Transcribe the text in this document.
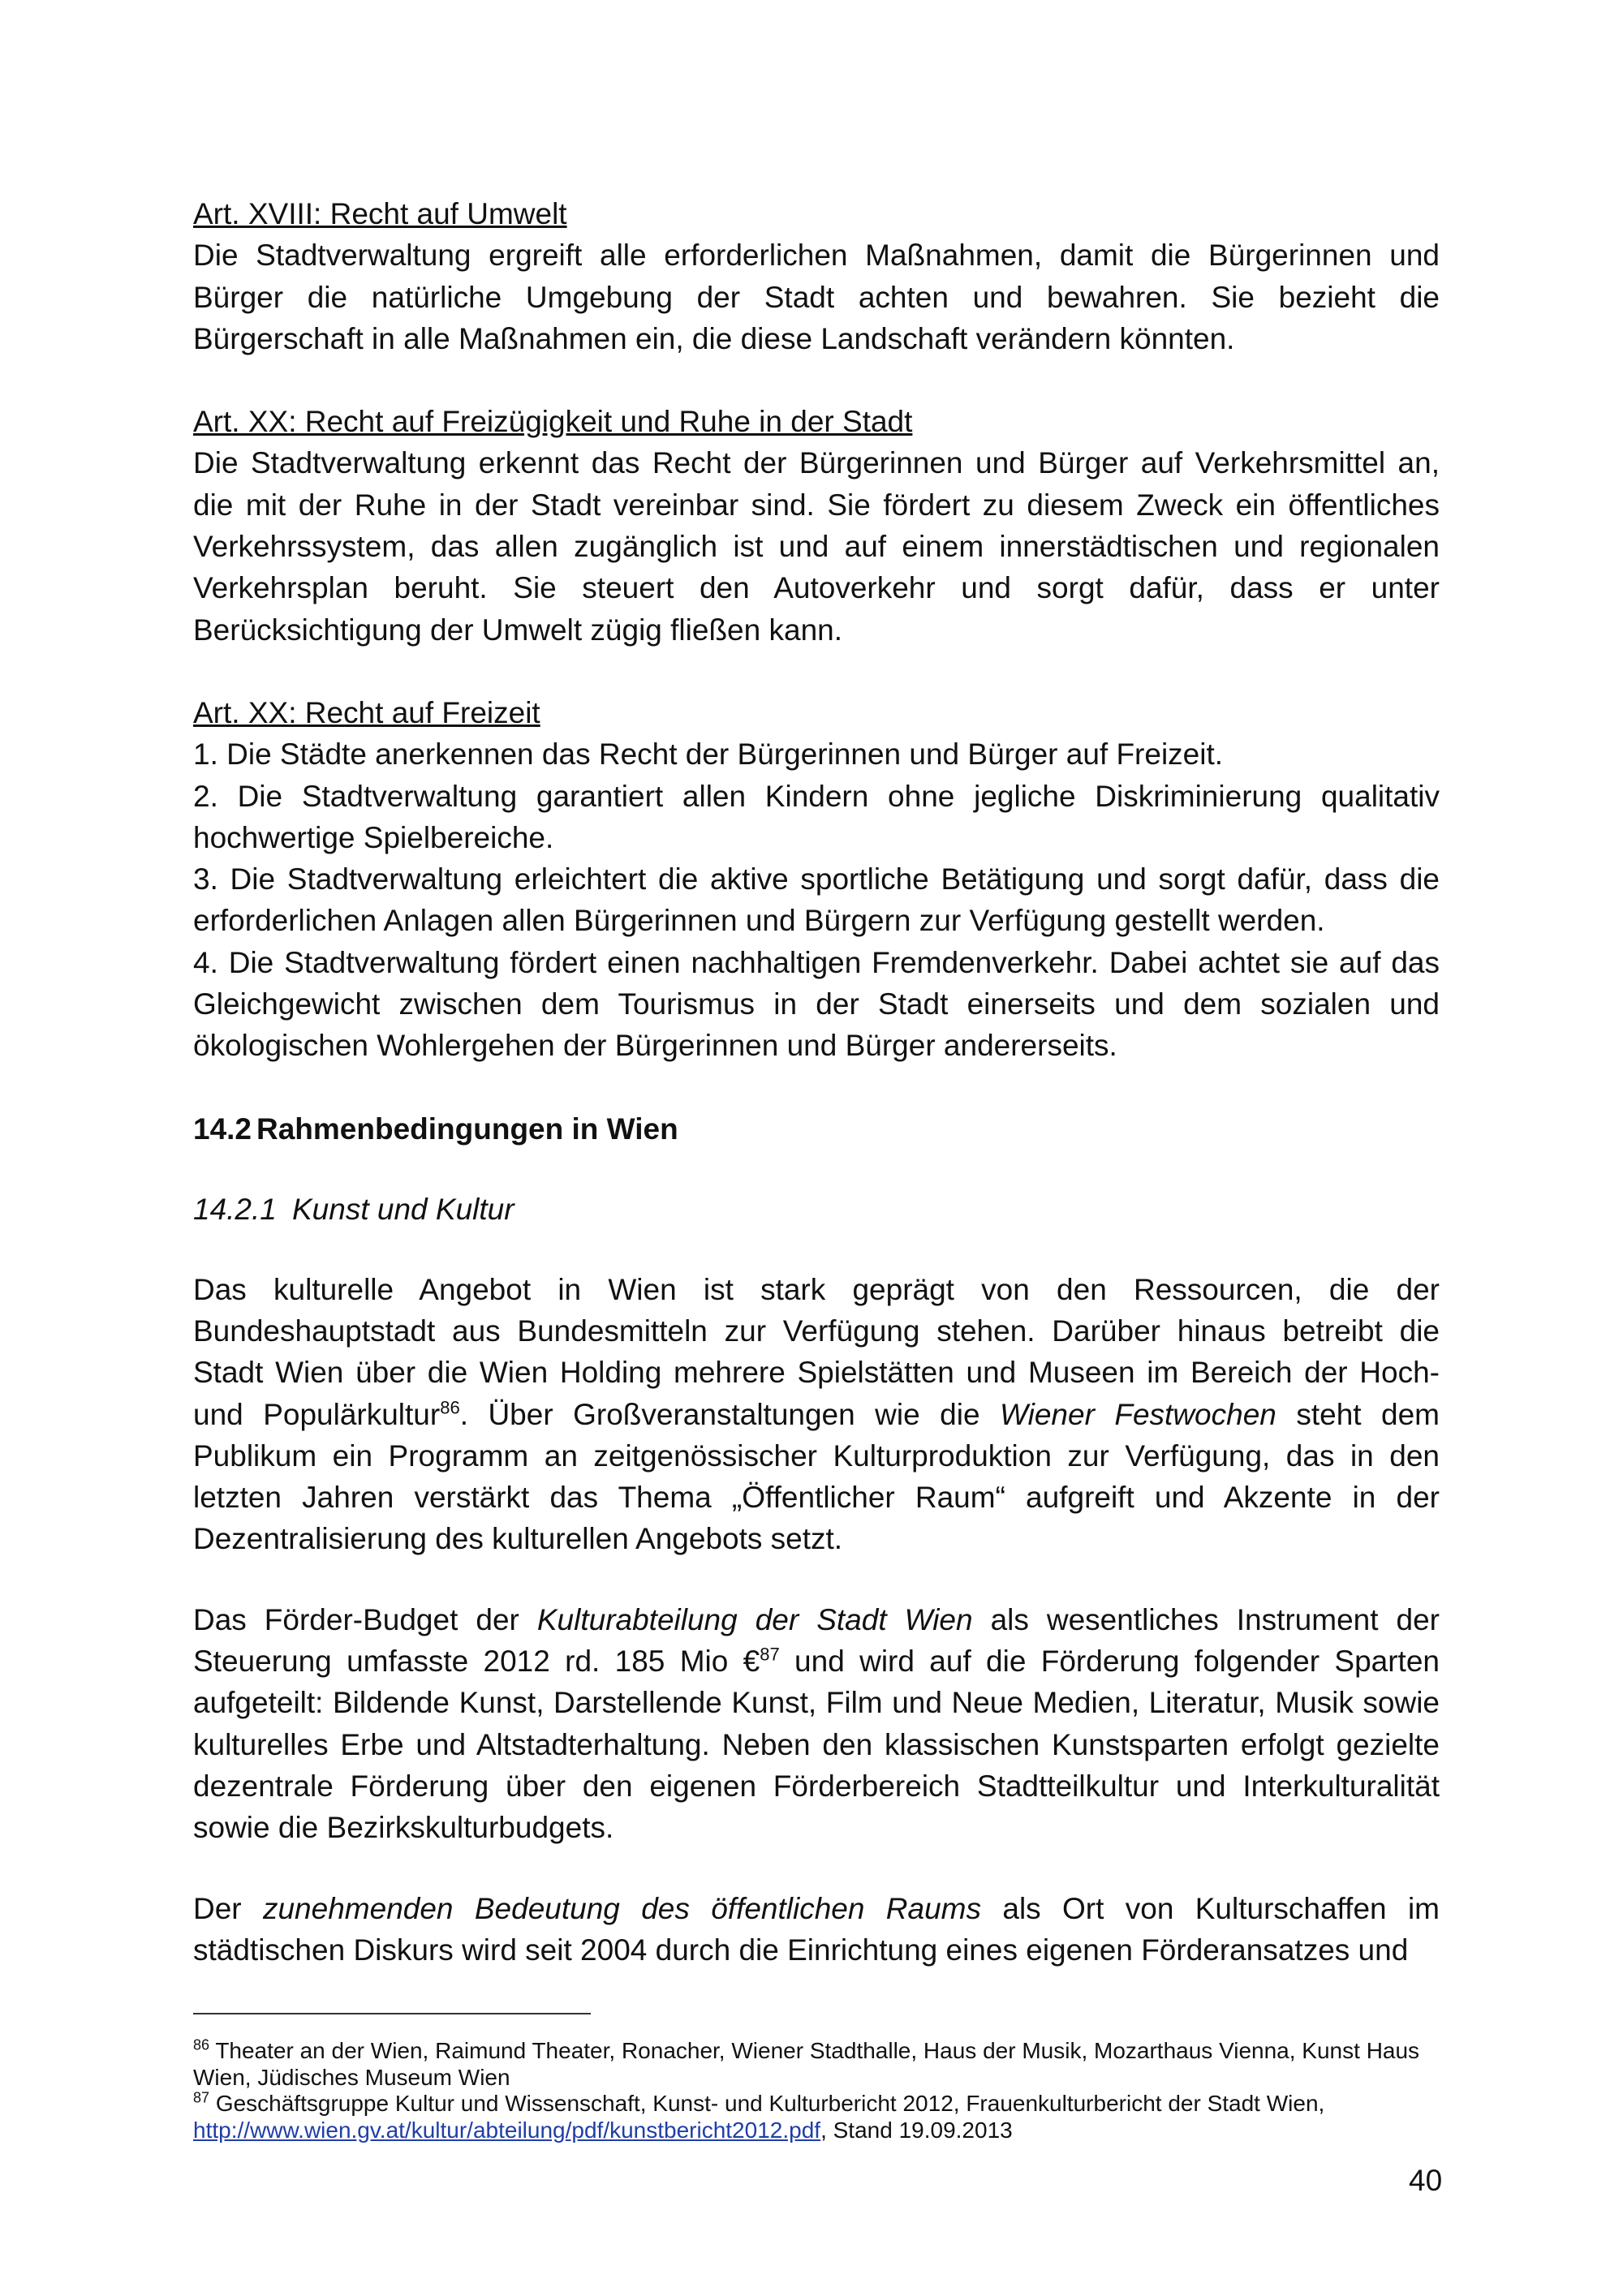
Art. XVIII: Recht auf Umwelt

Die Stadtverwaltung ergreift alle erforderlichen Maßnahmen, damit die Bürgerinnen und Bürger die natürliche Umgebung der Stadt achten und bewahren. Sie bezieht die Bürgerschaft in alle Maßnahmen ein, die diese Landschaft verändern könnten.

Art. XX: Recht auf Freizügigkeit und Ruhe in der Stadt

Die Stadtverwaltung erkennt das Recht der Bürgerinnen und Bürger auf Verkehrsmittel an, die mit der Ruhe in der Stadt vereinbar sind. Sie fördert zu diesem Zweck ein öffentliches Verkehrssystem, das allen zugänglich ist und auf einem innerstädtischen und regionalen Verkehrsplan beruht. Sie steuert den Autoverkehr und sorgt dafür, dass er unter Berücksichtigung der Umwelt zügig fließen kann.

Art. XX: Recht auf Freizeit

1. Die Städte anerkennen das Recht der Bürgerinnen und Bürger auf Freizeit.

2. Die Stadtverwaltung garantiert allen Kindern ohne jegliche Diskriminierung qualitativ hochwertige Spielbereiche.

3. Die Stadtverwaltung erleichtert die aktive sportliche Betätigung und sorgt dafür, dass die erforderlichen Anlagen allen Bürgerinnen und Bürgern zur Verfügung gestellt werden.

4. Die Stadtverwaltung fördert einen nachhaltigen Fremdenverkehr. Dabei achtet sie auf das Gleichgewicht zwischen dem Tourismus in der Stadt einerseits und dem sozialen und ökologischen Wohlergehen der Bürgerinnen und Bürger andererseits.

14.2 Rahmenbedingungen in Wien

14.2.1 Kunst und Kultur

Das kulturelle Angebot in Wien ist stark geprägt von den Ressourcen, die der Bundeshauptstadt aus Bundesmitteln zur Verfügung stehen. Darüber hinaus betreibt die Stadt Wien über die Wien Holding mehrere Spielstätten und Museen im Bereich der Hoch- und Populärkultur$^{86}$. Über Großveranstaltungen wie die Wiener Festwochen steht dem Publikum ein Programm an zeitgenössischer Kulturproduktion zur Verfügung, das in den letzten Jahren verstärkt das Thema „Öffentlicher Raum“ aufgreift und Akzente in der Dezentralisierung des kulturellen Angebots setzt.

Das Förder-Budget der Kulturabteilung der Stadt Wien als wesentliches Instrument der Steuerung umfasste 2012 rd. 185 Mio €$^{87}$ und wird auf die Förderung folgender Sparten aufgeteilt: Bildende Kunst, Darstellende Kunst, Film und Neue Medien, Literatur, Musik sowie kulturelles Erbe und Altstadterhaltung. Neben den klassischen Kunstsparten erfolgt gezielte dezentrale Förderung über den eigenen Förderbereich Stadtteilkultur und Interkulturalität sowie die Bezirkskulturbudgets.

Der zunehmenden Bedeutung des öffentlichen Raums als Ort von Kulturschaffen im städtischen Diskurs wird seit 2004 durch die Einrichtung eines eigenen Förderansatzes und

$^{86}$ Theater an der Wien, Raimund Theater, Ronacher, Wiener Stadthalle, Haus der Musik, Mozarthaus Vienna, Kunst Haus Wien, Jüdisches Museum Wien

$^{87}$ Geschäftsgruppe Kultur und Wissenschaft, Kunst- und Kulturbericht 2012, Frauenkulturbericht der Stadt Wien, http://www.wien.gv.at/kultur/abteilung/pdf/kunstbericht2012.pdf, Stand 19.09.2013

40
